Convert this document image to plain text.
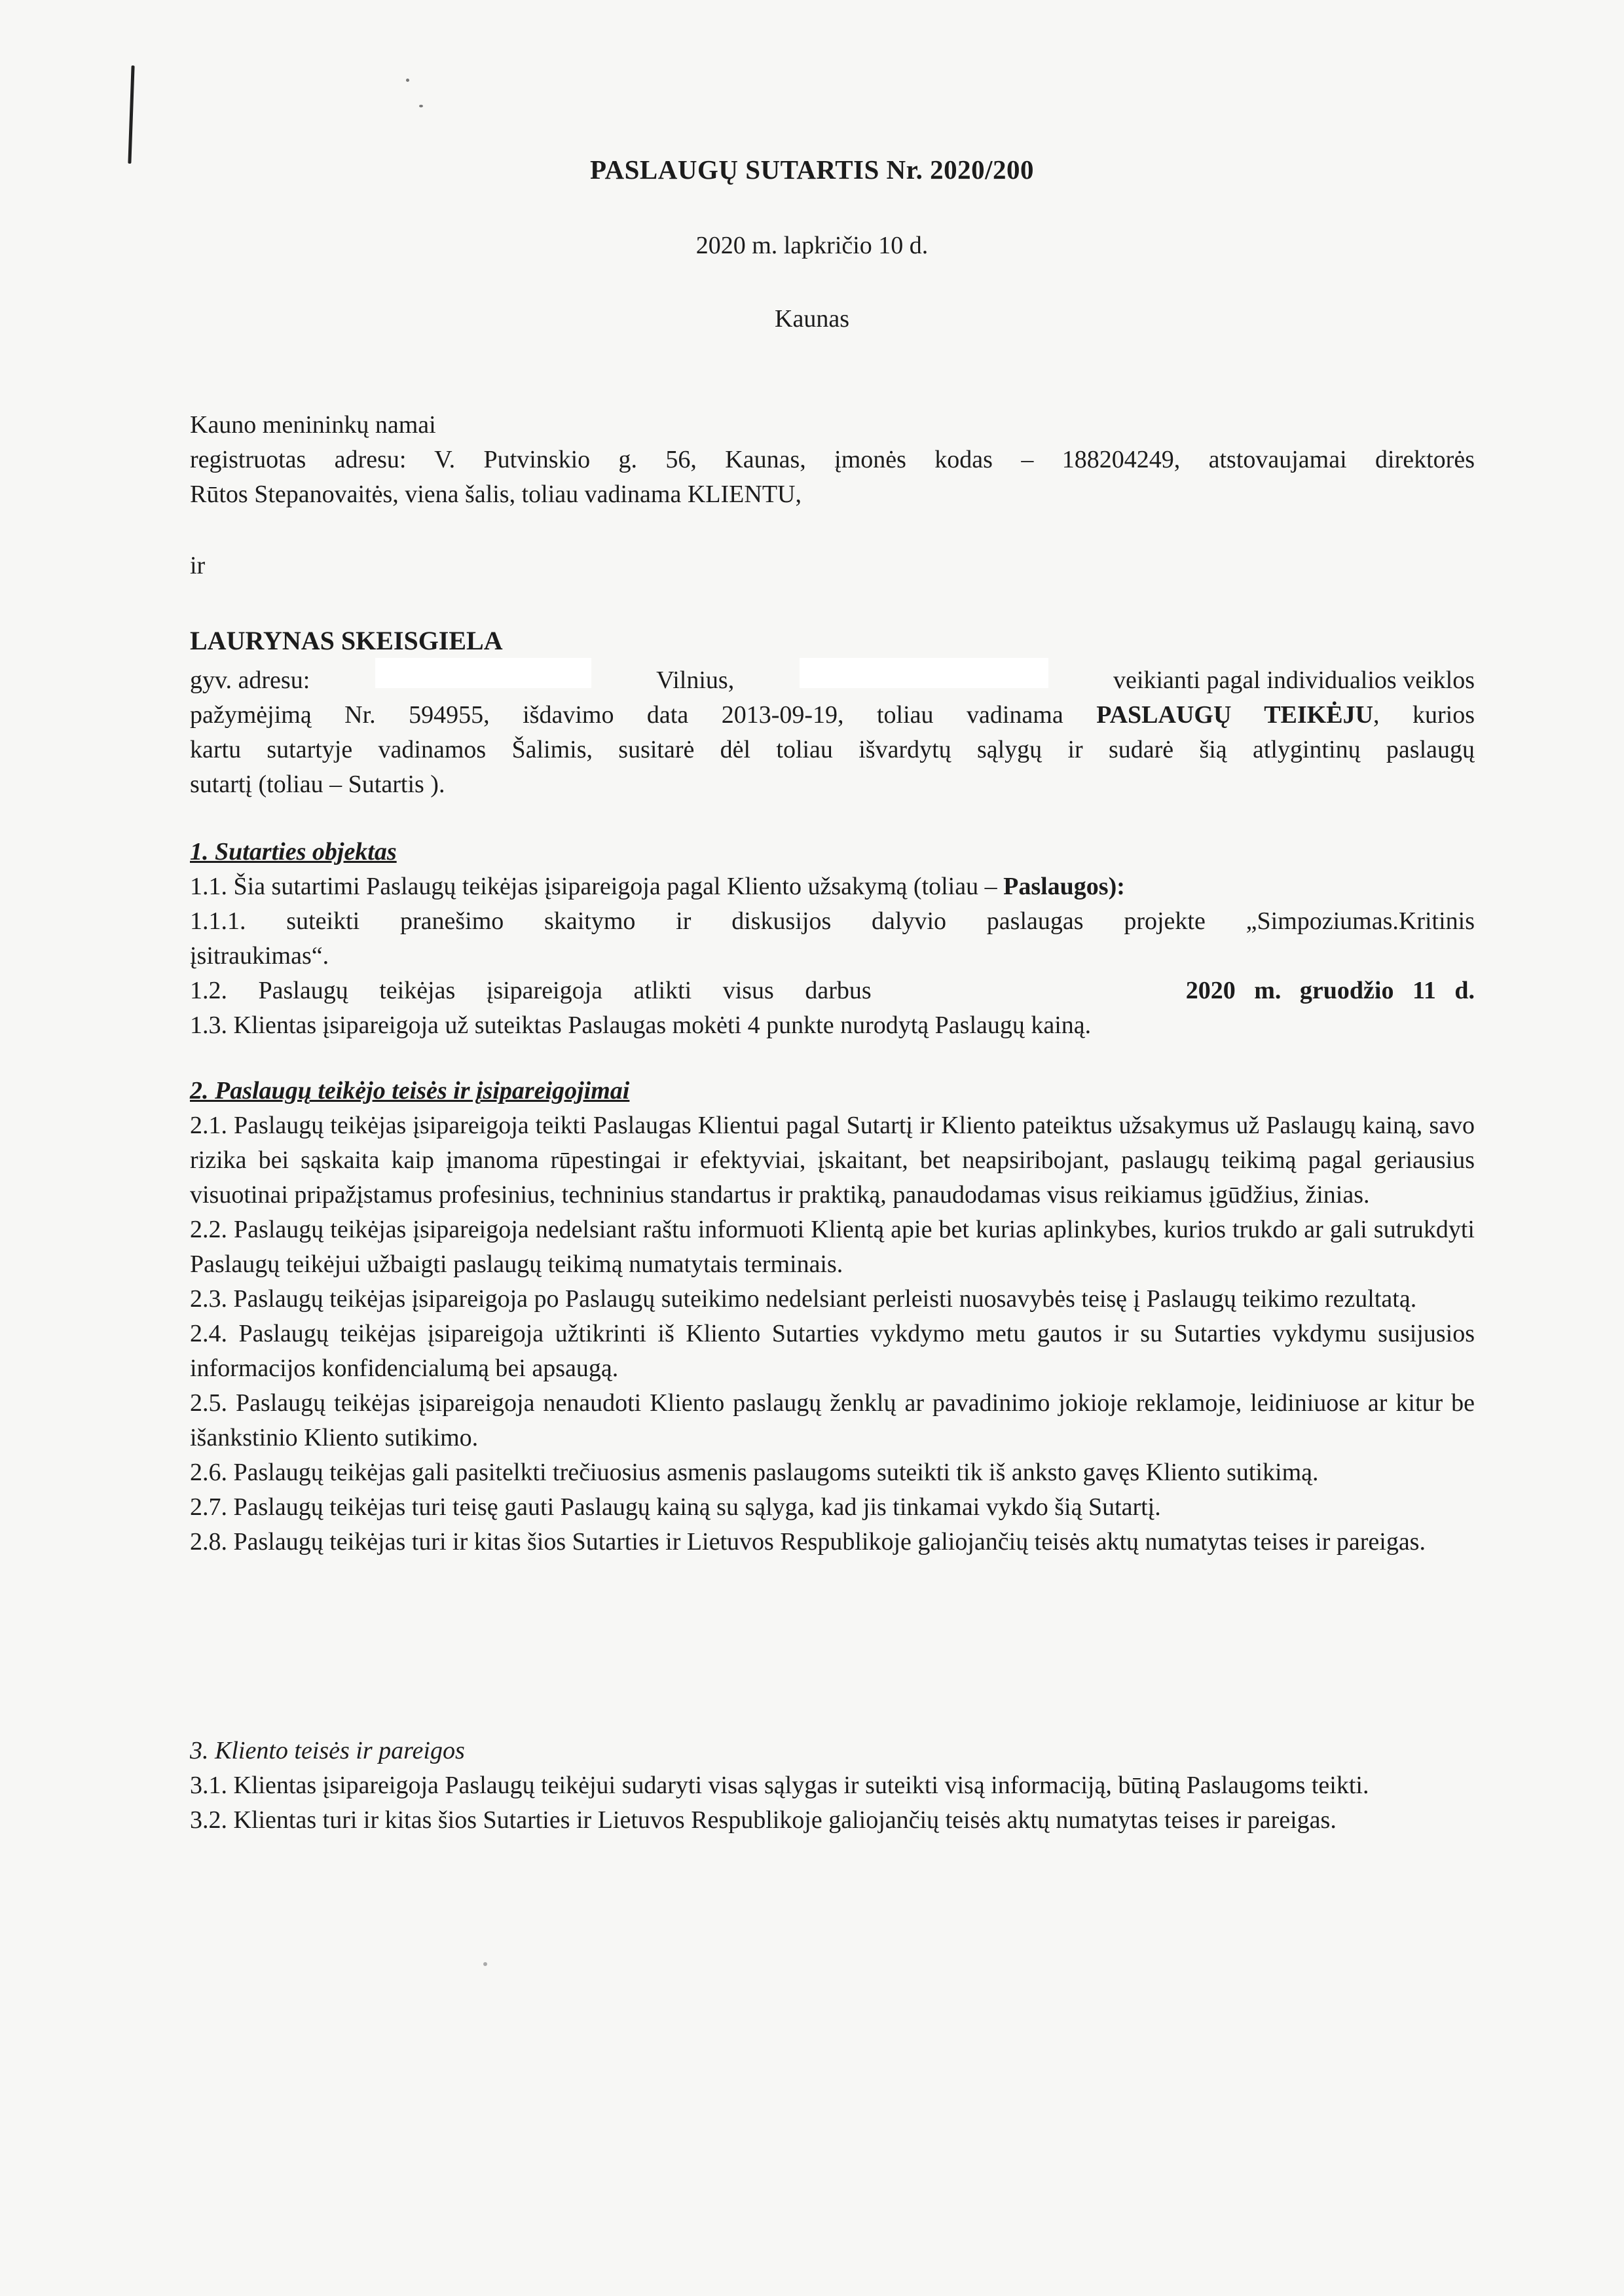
PASLAUGŲ SUTARTIS Nr. 2020/200
2020 m. lapkričio 10 d.
Kaunas

Kauno menininkų namai

registruotas adresu: V. Putvinskio g. 56, Kaunas, įmonės kodas – 188204249, atstovaujamai direktorės

Rūtos Stepanovaitės, viena šalis, toliau vadinama KLIENTU,

ir

LAURYNAS SKEISGIELA

gyv. adresu:	Vilnius,	veikianti pagal individualios veiklos

pažymėjimą Nr. 594955, išdavimo data 2013-09-19, toliau vadinama PASLAUGŲ TEIKĖJU, kurios

kartu sutartyje vadinamos Šalimis, susitarė dėl toliau išvardytų sąlygų ir sudarė šią atlygintinų paslaugų

sutartį (toliau – Sutartis ).

1. Sutarties objektas

1.1. Šia sutartimi Paslaugų teikėjas įsipareigoja pagal Kliento užsakymą (toliau – Paslaugos):

1.1.1. suteikti pranešimo skaitymo ir diskusijos dalyvio paslaugas projekte „Simpoziumas.Kritinis

įsitraukimas“.

1.2.     Paslaugų     teikėjas     įsipareigoja     atlikti     visus     darbus	2020   m.   gruodžio   11   d.

1.3. Klientas įsipareigoja už suteiktas Paslaugas mokėti 4 punkte nurodytą Paslaugų kainą.

2. Paslaugų teikėjo teisės ir įsipareigojimai

2.1. Paslaugų teikėjas įsipareigoja teikti Paslaugas Klientui pagal Sutartį ir Kliento pateiktus užsakymus už Paslaugų kainą, savo rizika bei sąskaita kaip įmanoma rūpestingai ir efektyviai, įskaitant, bet neapsiribojant, paslaugų teikimą pagal geriausius visuotinai pripažįstamus profesinius, techninius standartus ir praktiką, panaudodamas visus reikiamus įgūdžius, žinias.

2.2. Paslaugų teikėjas įsipareigoja nedelsiant raštu informuoti Klientą apie bet kurias aplinkybes, kurios trukdo ar gali sutrukdyti Paslaugų teikėjui užbaigti paslaugų teikimą numatytais terminais.

2.3. Paslaugų teikėjas įsipareigoja po Paslaugų suteikimo nedelsiant perleisti nuosavybės teisę į Paslaugų teikimo rezultatą.

2.4. Paslaugų teikėjas įsipareigoja užtikrinti iš Kliento Sutarties vykdymo metu gautos ir su Sutarties vykdymu susijusios informacijos konfidencialumą bei apsaugą.

2.5. Paslaugų teikėjas įsipareigoja nenaudoti Kliento paslaugų ženklų ar pavadinimo jokioje reklamoje, leidiniuose ar kitur be išankstinio Kliento sutikimo.

2.6. Paslaugų teikėjas gali pasitelkti trečiuosius asmenis paslaugoms suteikti tik iš anksto gavęs Kliento sutikimą.

2.7. Paslaugų teikėjas turi teisę gauti Paslaugų kainą su sąlyga, kad jis tinkamai vykdo šią Sutartį.

2.8. Paslaugų teikėjas turi ir kitas šios Sutarties ir Lietuvos Respublikoje galiojančių teisės aktų numatytas teises ir pareigas.

3. Kliento teisės ir pareigos

3.1. Klientas įsipareigoja Paslaugų teikėjui sudaryti visas sąlygas ir suteikti visą informaciją, būtiną Paslaugoms teikti.

3.2. Klientas turi ir kitas šios Sutarties ir Lietuvos Respublikoje galiojančių teisės aktų numatytas teises ir pareigas.
